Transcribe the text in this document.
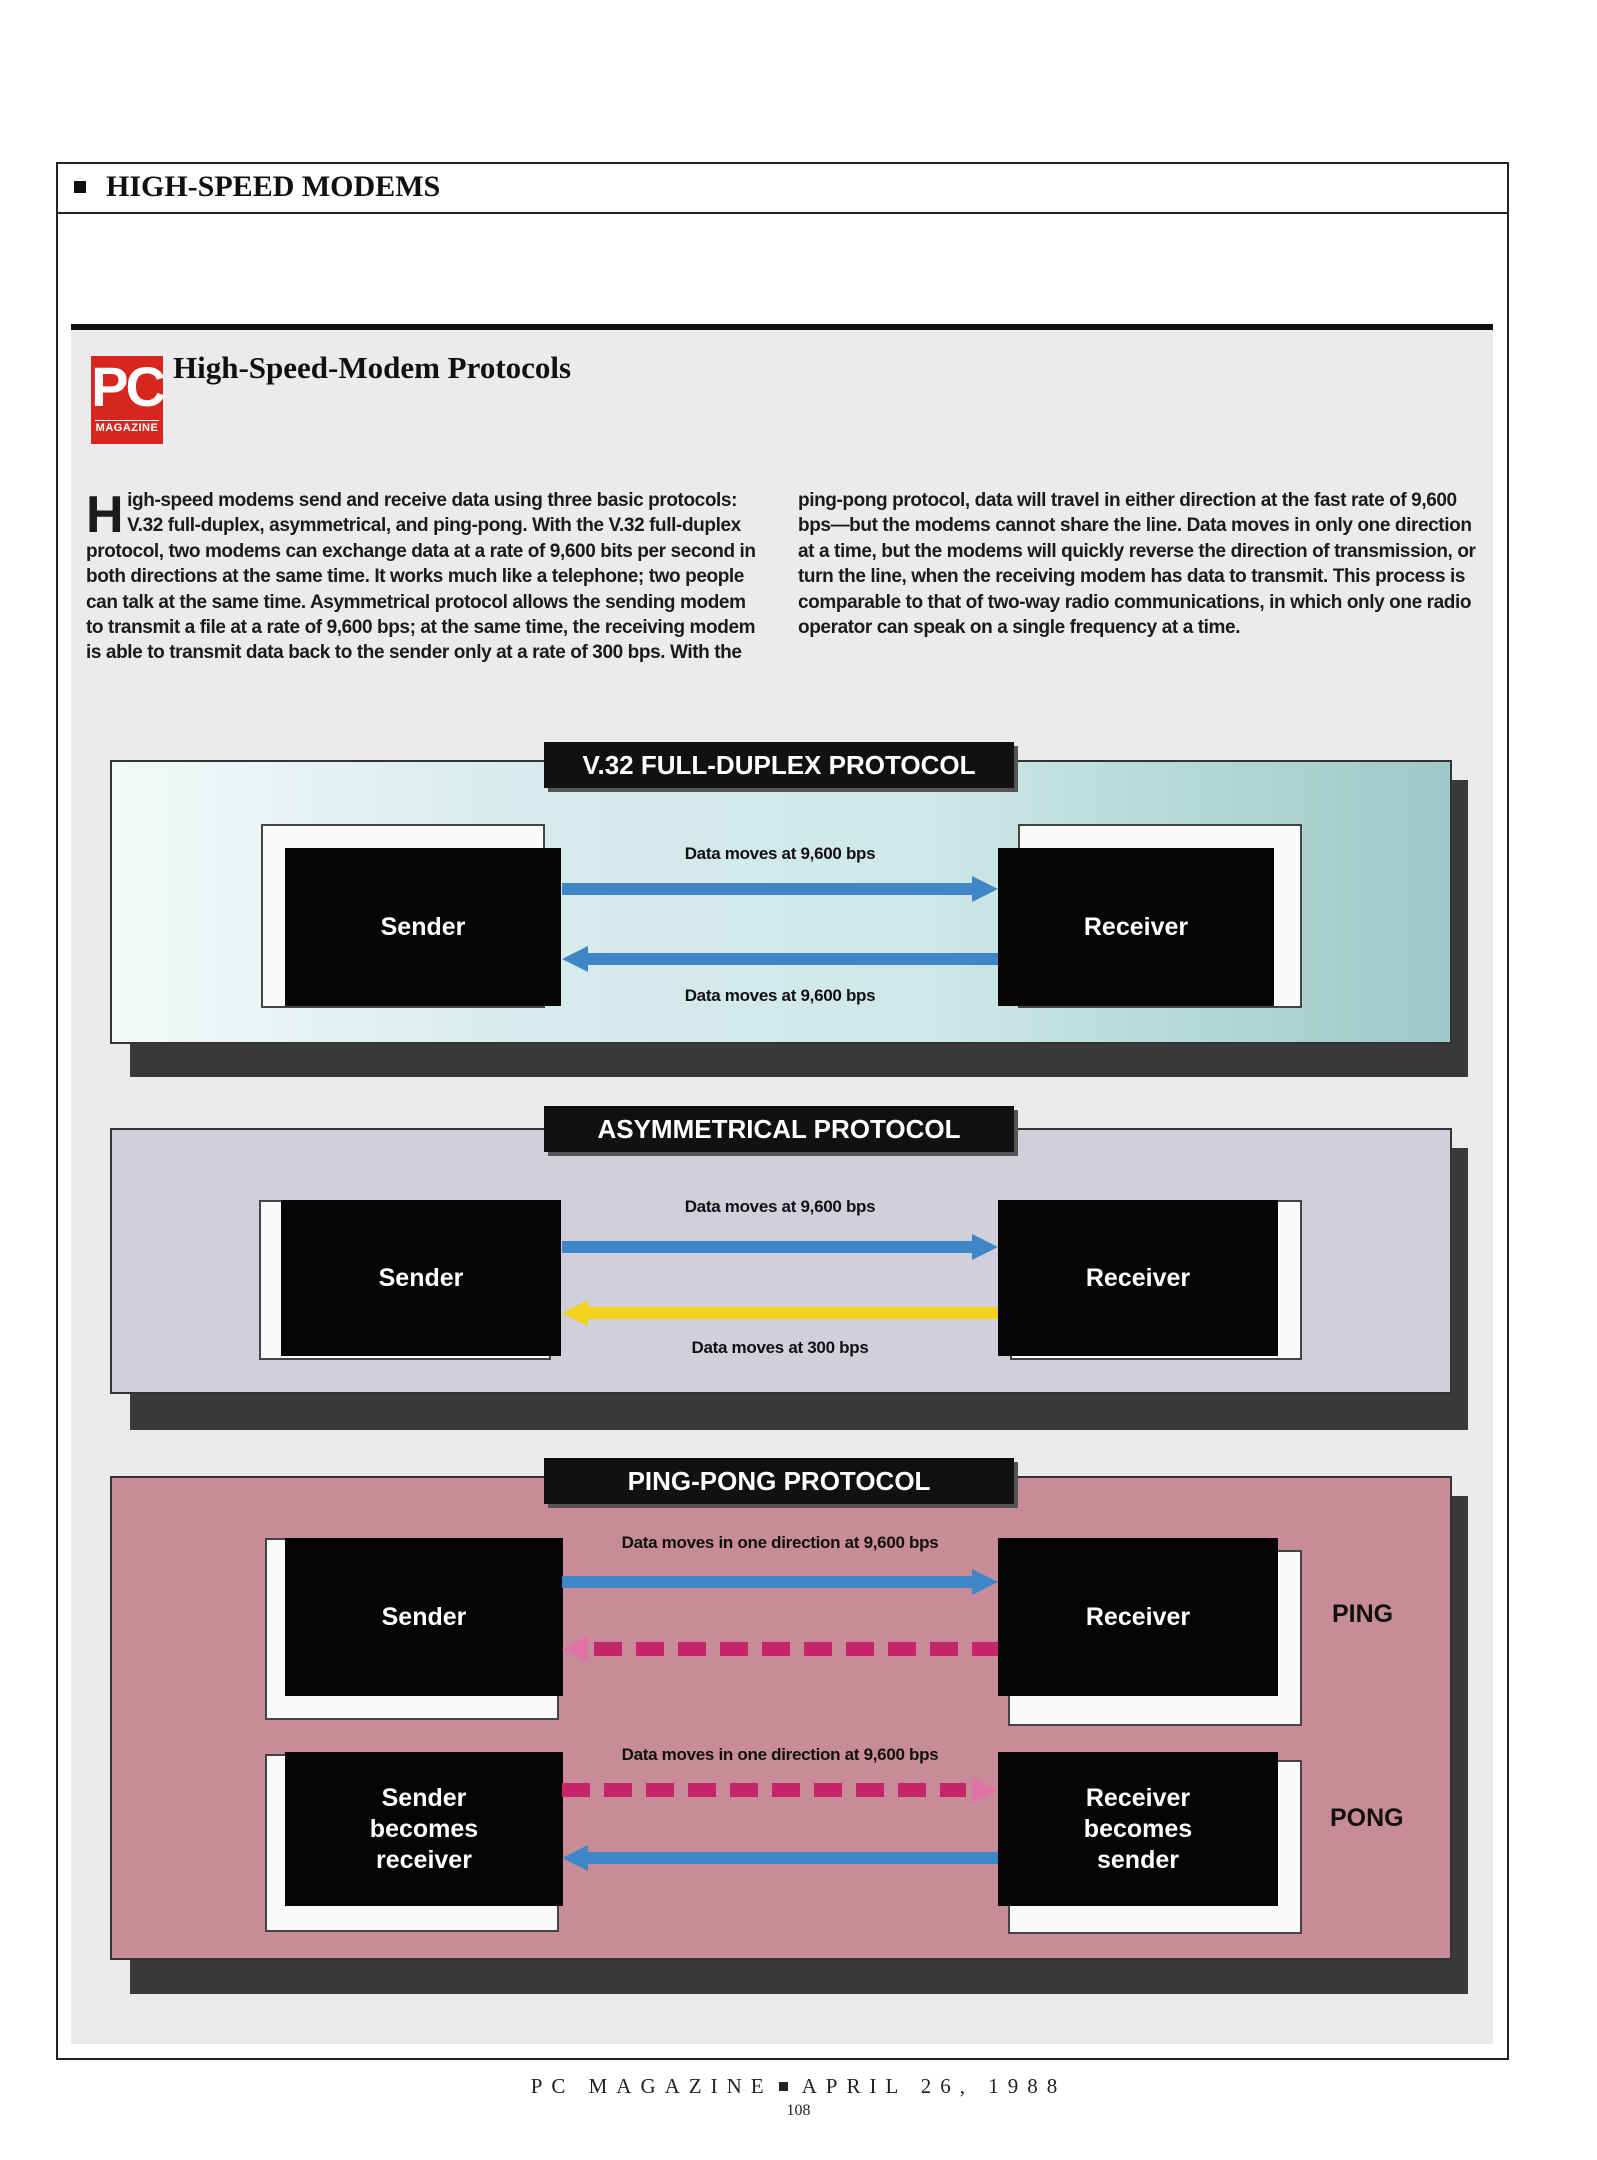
HIGH-SPEED MODEMS
PC
MAGAZINE
High-Speed-Modem Protocols
H igh-speed modems send and receive data using three basic protocols: V.32 full-duplex, asymmetrical, and ping-pong. With the V.32 full-duplex protocol, two modems can exchange data at a rate of 9,600 bits per second in both directions at the same time. It works much like a telephone; two people can talk at the same time. Asymmetrical protocol allows the sending modem to transmit a file at a rate of 9,600 bps; at the same time, the receiving modem is able to transmit data back to the sender only at a rate of 300 bps. With the
ping-pong protocol, data will travel in either direction at the fast rate of 9,600 bps—but the modems cannot share the line. Data moves in only one direction at a time, but the modems will quickly reverse the direction of transmission, or turn the line, when the receiving modem has data to transmit. This process is comparable to that of two-way radio communications, in which only one radio operator can speak on a single frequency at a time.
V.32 FULL-DUPLEX PROTOCOL
Sender	Receiver
Data moves at 9,600 bps
Data moves at 9,600 bps
ASYMMETRICAL PROTOCOL
Sender	Receiver
Data moves at 9,600 bps
Data moves at 300 bps
PING-PONG PROTOCOL
Sender	Receiver
Data moves in one direction at 9,600 bps
PING
Sender
becomes
receiver
Receiver
becomes
sender
Data moves in one direction at 9,600 bps
PONG
PC MAGAZINE APRIL 26, 1988
108
